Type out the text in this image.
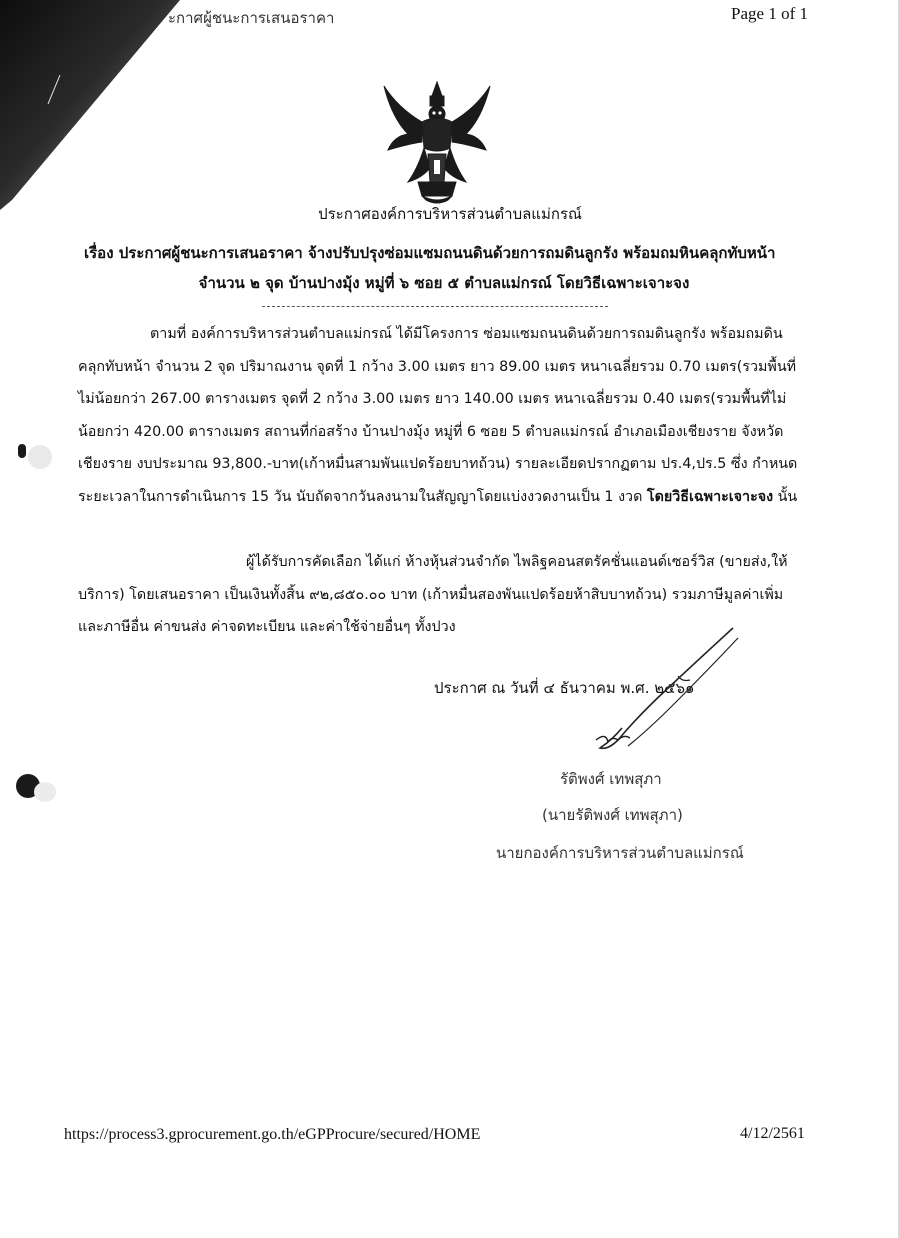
ะกาศผู้ชนะการเสนอราคา	Page 1 of 1
ประกาศองค์การบริหารส่วนตำบลแม่กรณ์
เรื่อง ประกาศผู้ชนะการเสนอราคา จ้างปรับปรุงซ่อมแซมถนนดินด้วยการถมดินลูกรัง พร้อมถมหินคลุกทับหน้า
จำนวน ๒ จุด บ้านปางมุ้ง หมู่ที่ ๖ ซอย ๕ ตำบลแม่กรณ์ โดยวิธีเฉพาะเจาะจง
ตามที่ องค์การบริหารส่วนตำบลแม่กรณ์ ได้มีโครงการ ซ่อมแซมถนนดินด้วยการถมดินลูกรัง พร้อมถมดินคลุกทับหน้า จำนวน 2 จุด ปริมาณงาน จุดที่ 1 กว้าง 3.00 เมตร ยาว 89.00 เมตร หนาเฉลี่ยรวม 0.70 เมตร(รวมพื้นที่ไม่น้อยกว่า 267.00 ตารางเมตร จุดที่ 2 กว้าง 3.00 เมตร ยาว 140.00 เมตร หนาเฉลี่ยรวม 0.40 เมตร(รวมพื้นที่ไม่น้อยกว่า 420.00 ตารางเมตร สถานที่ก่อสร้าง บ้านปางมุ้ง หมู่ที่ 6 ซอย 5 ตำบลแม่กรณ์ อำเภอเมืองเชียงราย จังหวัดเชียงราย งบประมาณ 93,800.-บาท(เก้าหมื่นสามพันแปดร้อยบาทถ้วน) รายละเอียดปรากฏตาม ปร.4,ปร.5 ซึ่ง กำหนดระยะเวลาในการดำเนินการ 15 วัน นับถัดจากวันลงนามในสัญญาโดยแบ่งงวดงานเป็น 1 งวด โดยวิธีเฉพาะเจาะจง นั้น
ผู้ได้รับการคัดเลือก ได้แก่ ห้างหุ้นส่วนจำกัด ไพลิฐคอนสตรัคชั่นแอนด์เซอร์วิส (ขายส่ง,ให้บริการ) โดยเสนอราคา เป็นเงินทั้งสิ้น ๙๒,๘๕๐.๐๐ บาท (เก้าหมื่นสองพันแปดร้อยห้าสิบบาทถ้วน) รวมภาษีมูลค่าเพิ่มและภาษีอื่น ค่าขนส่ง ค่าจดทะเบียน และค่าใช้จ่ายอื่นๆ ทั้งปวง
ประกาศ ณ วันที่ ๔ ธันวาคม พ.ศ. ๒๕๖๑
รัติพงศ์ เทพสุภา
(นายรัติพงศ์ เทพสุภา)
นายกองค์การบริหารส่วนตำบลแม่กรณ์
https://process3.gprocurement.go.th/eGPProcure/secured/HOME	4/12/2561
